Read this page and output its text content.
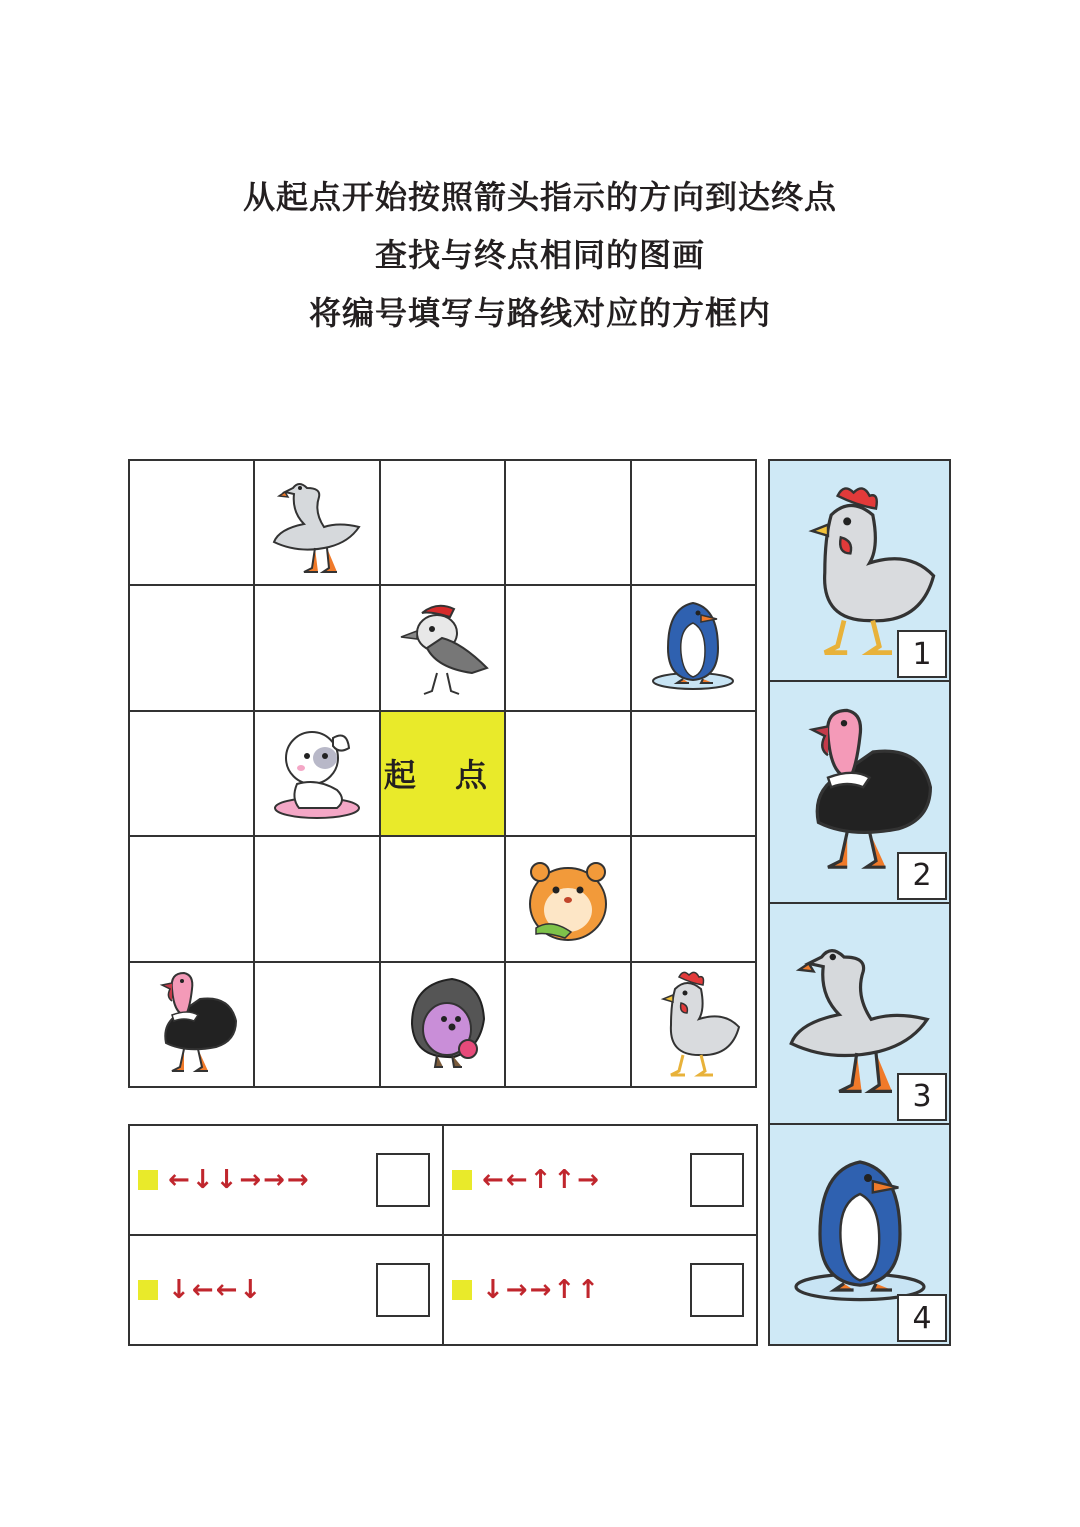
从起点开始按照箭头指示的方向到达终点
查找与终点相同的图画
将编号填写与路线对应的方框内
起 点
1
2
3
4
←↓↓→→→	←←↑↑→
↓←←↓	↓→→↑↑
